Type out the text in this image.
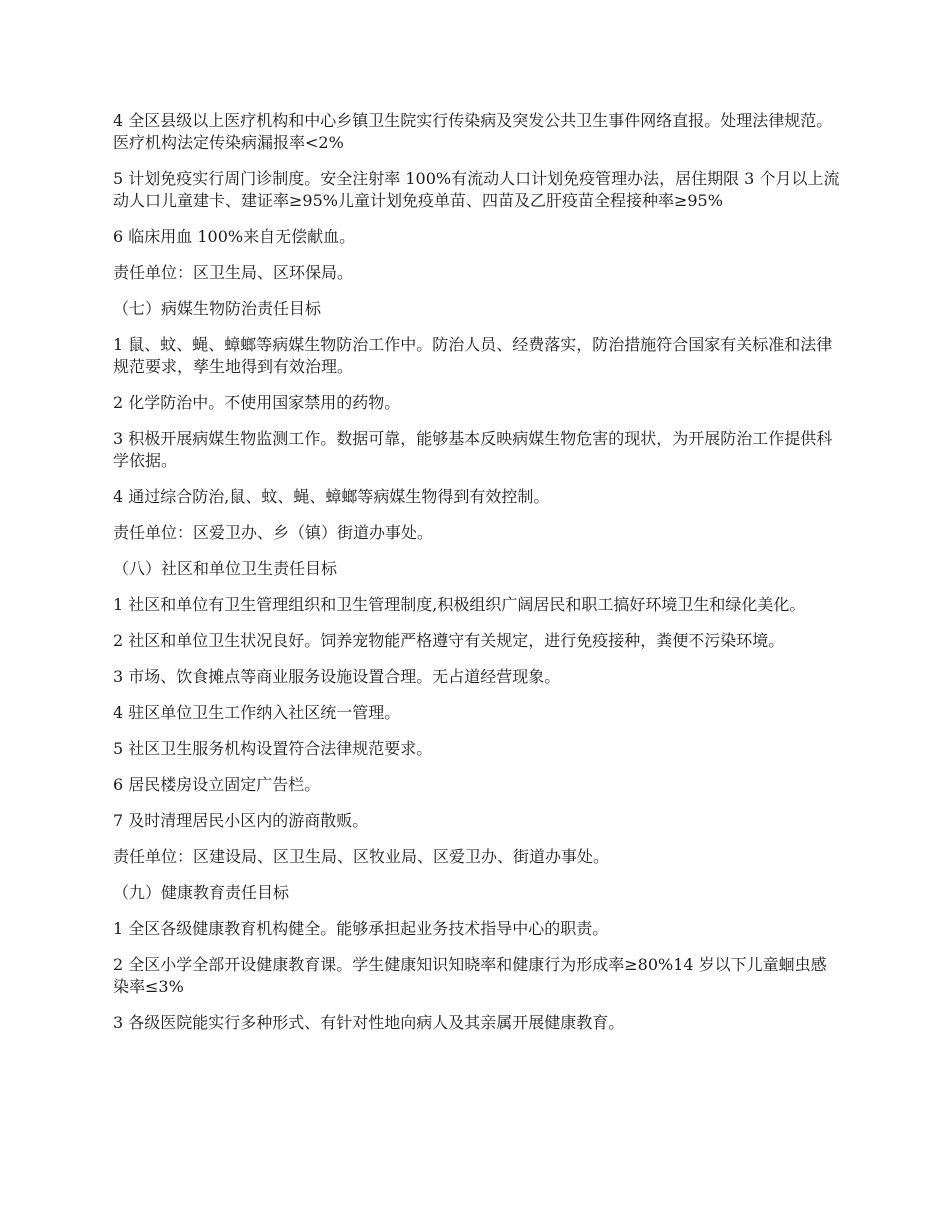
4 全区县级以上医疗机构和中心乡镇卫生院实行传染病及突发公共卫生事件网络直报。处理法律规范。医疗机构法定传染病漏报率<2%

5 计划免疫实行周门诊制度。安全注射率 100%有流动人口计划免疫管理办法，居住期限 3 个月以上流动人口儿童建卡、建证率≥95%儿童计划免疫单苗、四苗及乙肝疫苗全程接种率≥95%

6 临床用血 100%来自无偿献血。

责任单位：区卫生局、区环保局。

（七）病媒生物防治责任目标

1 鼠、蚊、蝇、蟑螂等病媒生物防治工作中。防治人员、经费落实，防治措施符合国家有关标准和法律规范要求，孳生地得到有效治理。

2 化学防治中。不使用国家禁用的药物。

3 积极开展病媒生物监测工作。数据可靠，能够基本反映病媒生物危害的现状，为开展防治工作提供科学依据。

4 通过综合防治,鼠、蚊、蝇、蟑螂等病媒生物得到有效控制。

责任单位：区爱卫办、乡（镇）街道办事处。

（八）社区和单位卫生责任目标

1 社区和单位有卫生管理组织和卫生管理制度,积极组织广阔居民和职工搞好环境卫生和绿化美化。

2 社区和单位卫生状况良好。饲养宠物能严格遵守有关规定，进行免疫接种，粪便不污染环境。

3 市场、饮食摊点等商业服务设施设置合理。无占道经营现象。

4 驻区单位卫生工作纳入社区统一管理。

5 社区卫生服务机构设置符合法律规范要求。

6 居民楼房设立固定广告栏。

7 及时清理居民小区内的游商散贩。

责任单位：区建设局、区卫生局、区牧业局、区爱卫办、街道办事处。

（九）健康教育责任目标

1 全区各级健康教育机构健全。能够承担起业务技术指导中心的职责。

2 全区小学全部开设健康教育课。学生健康知识知晓率和健康行为形成率≥80%14 岁以下儿童蛔虫感染率≤3%

3 各级医院能实行多种形式、有针对性地向病人及其亲属开展健康教育。
